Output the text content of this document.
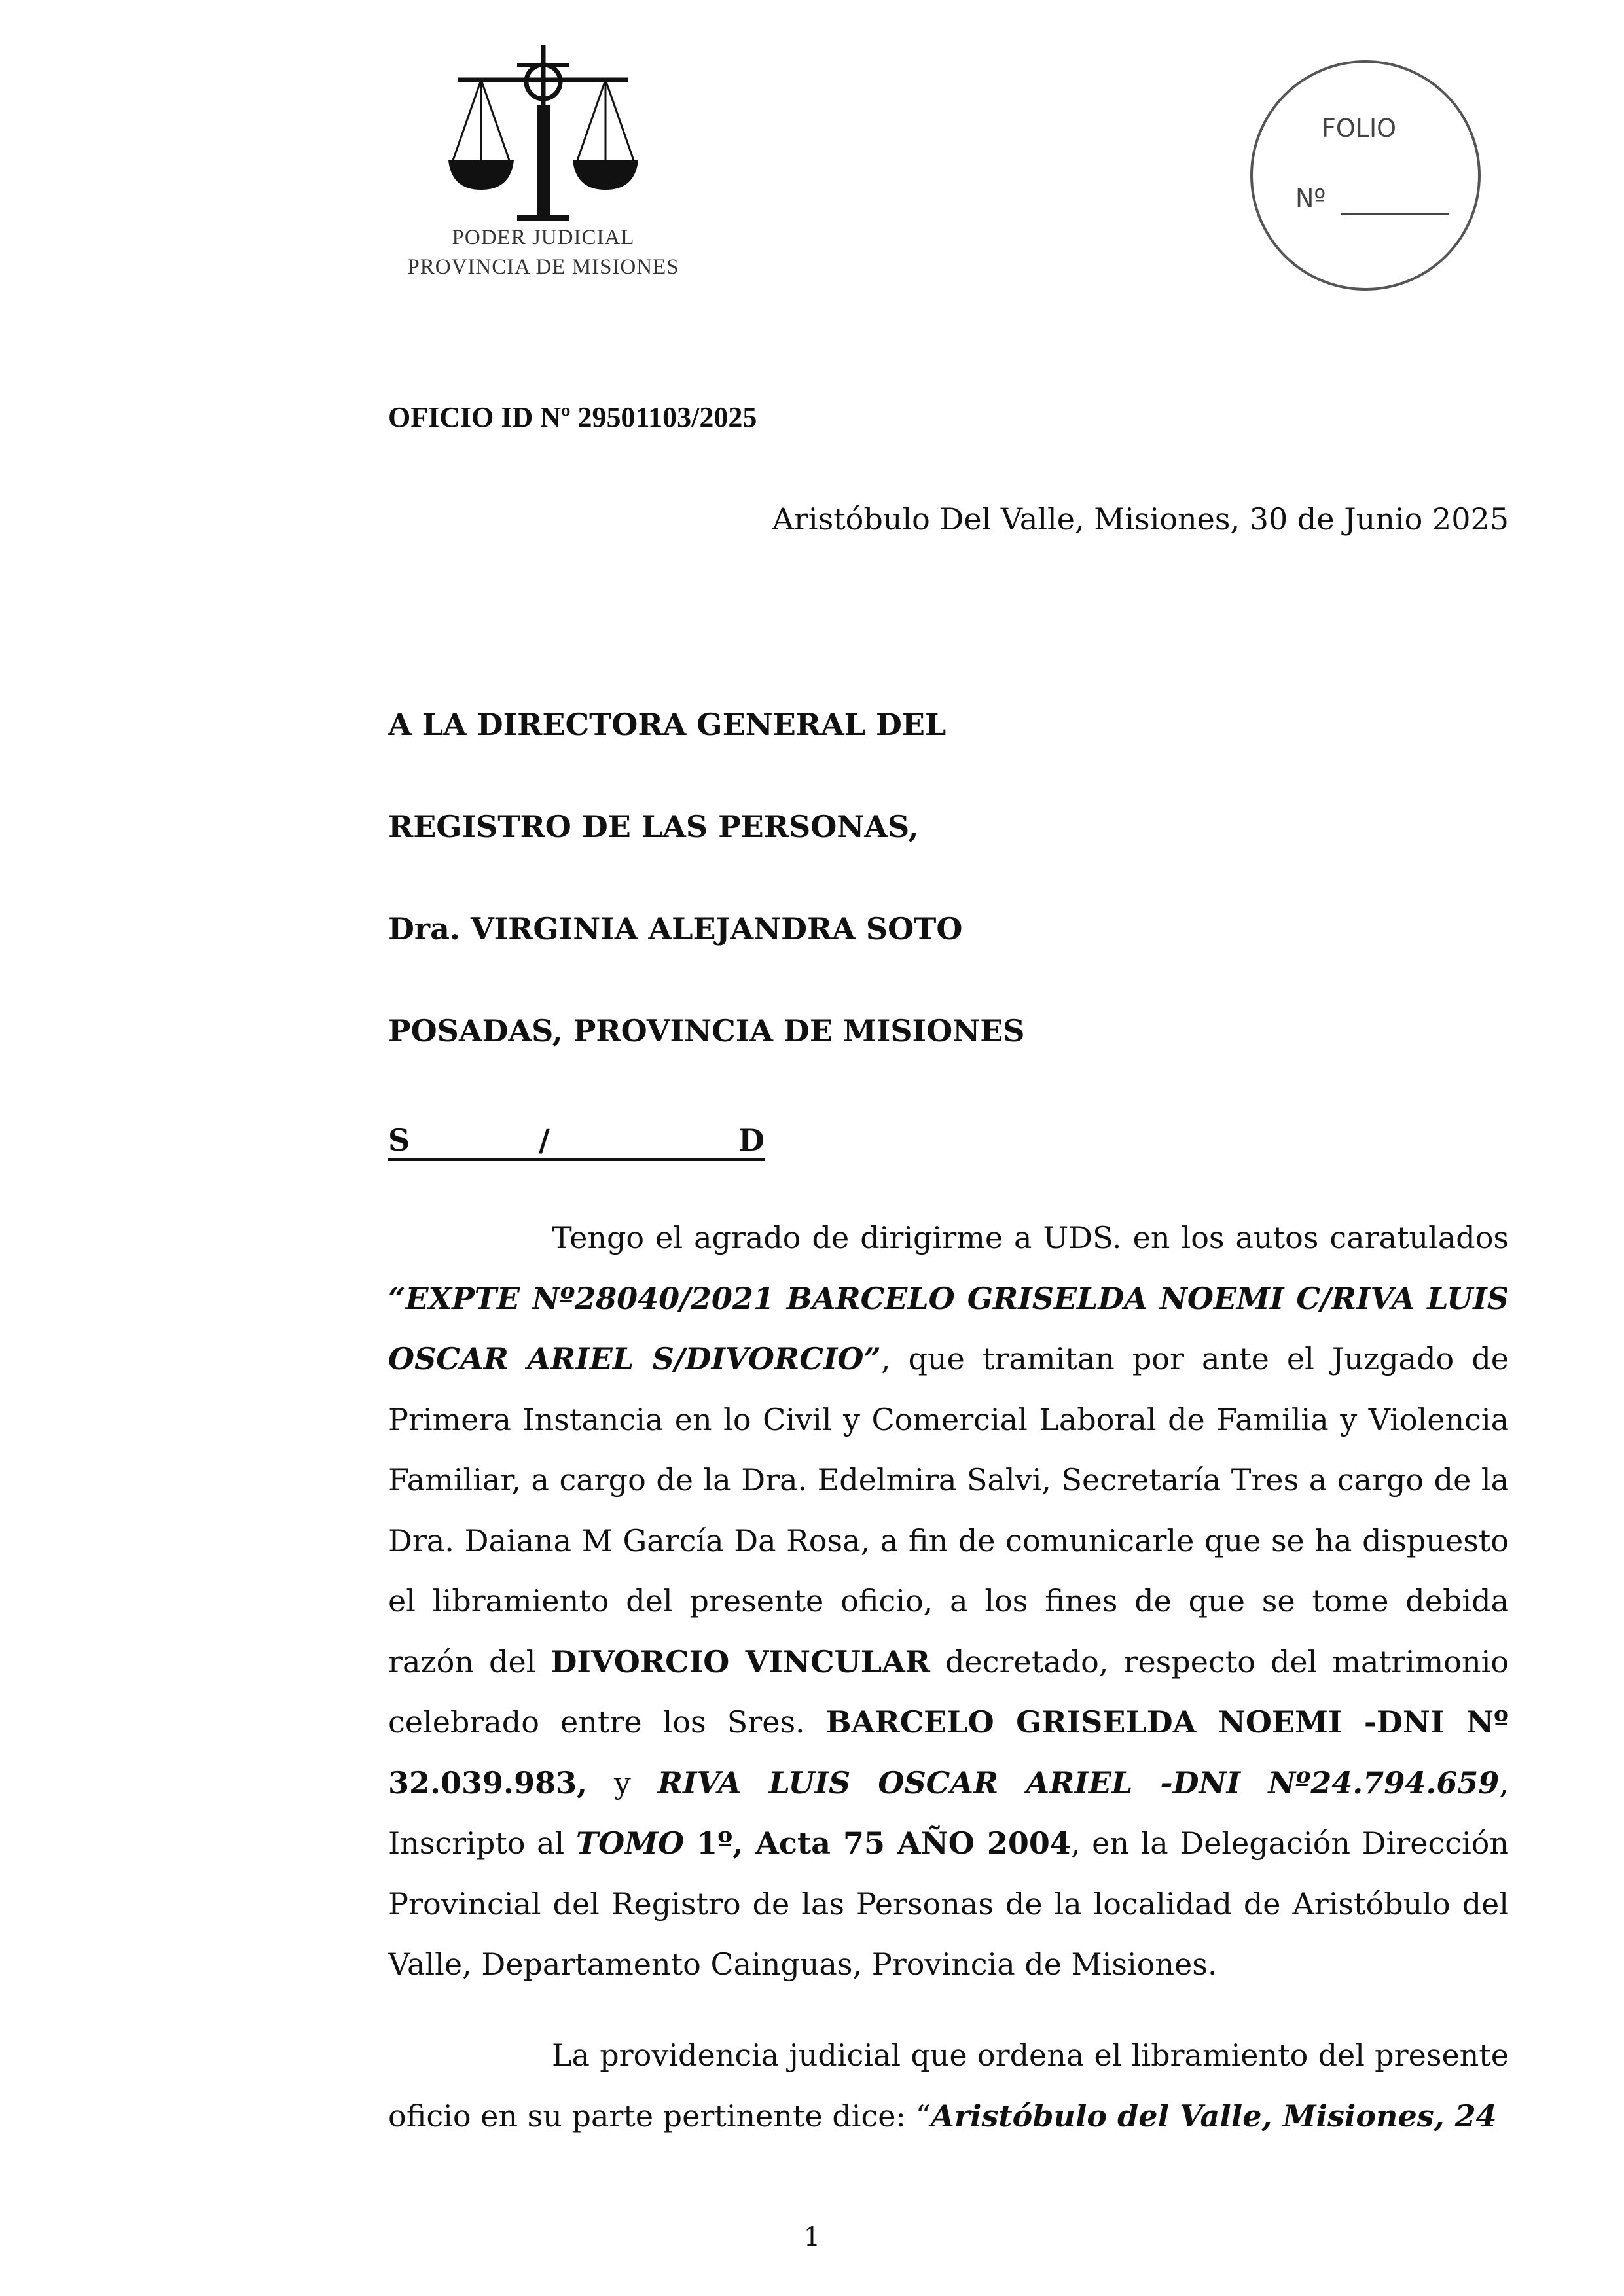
PODER JUDICIAL
PROVINCIA DE MISIONES
FOLIO
Nº
OFICIO ID Nº 29501103/2025
Aristóbulo Del Valle, Misiones, 30 de Junio 2025
A LA DIRECTORA GENERAL DEL
REGISTRO DE LAS PERSONAS,
Dra. VIRGINIA ALEJANDRA SOTO
POSADAS, PROVINCIA DE MISIONES
S	/	D
Tengo el agrado de dirigirme a UDS. en los autos caratulados “EXPTE Nº28040/2021 BARCELO GRISELDA NOEMI C/RIVA LUIS OSCAR ARIEL S/DIVORCIO”, que tramitan por ante el Juzgado de Primera Instancia en lo Civil y Comercial Laboral de Familia y Violencia Familiar, a cargo de la Dra. Edelmira Salvi, Secretaría Tres a cargo de la Dra. Daiana M García Da Rosa, a fin de comunicarle que se ha dispuesto el libramiento del presente oficio, a los fines de que se tome debida razón del DIVORCIO VINCULAR decretado, respecto del matrimonio celebrado entre los Sres. BARCELO GRISELDA NOEMI -DNI Nº 32.039.983, y RIVA LUIS OSCAR ARIEL -DNI Nº24.794.659, Inscripto al TOMO 1º, Acta 75 AÑO 2004, en la Delegación Dirección Provincial del Registro de las Personas de la localidad de Aristóbulo del Valle, Departamento Cainguas, Provincia de Misiones.
La providencia judicial que ordena el libramiento del presente oficio en su parte pertinente dice: “Aristóbulo del Valle, Misiones, 24
1
